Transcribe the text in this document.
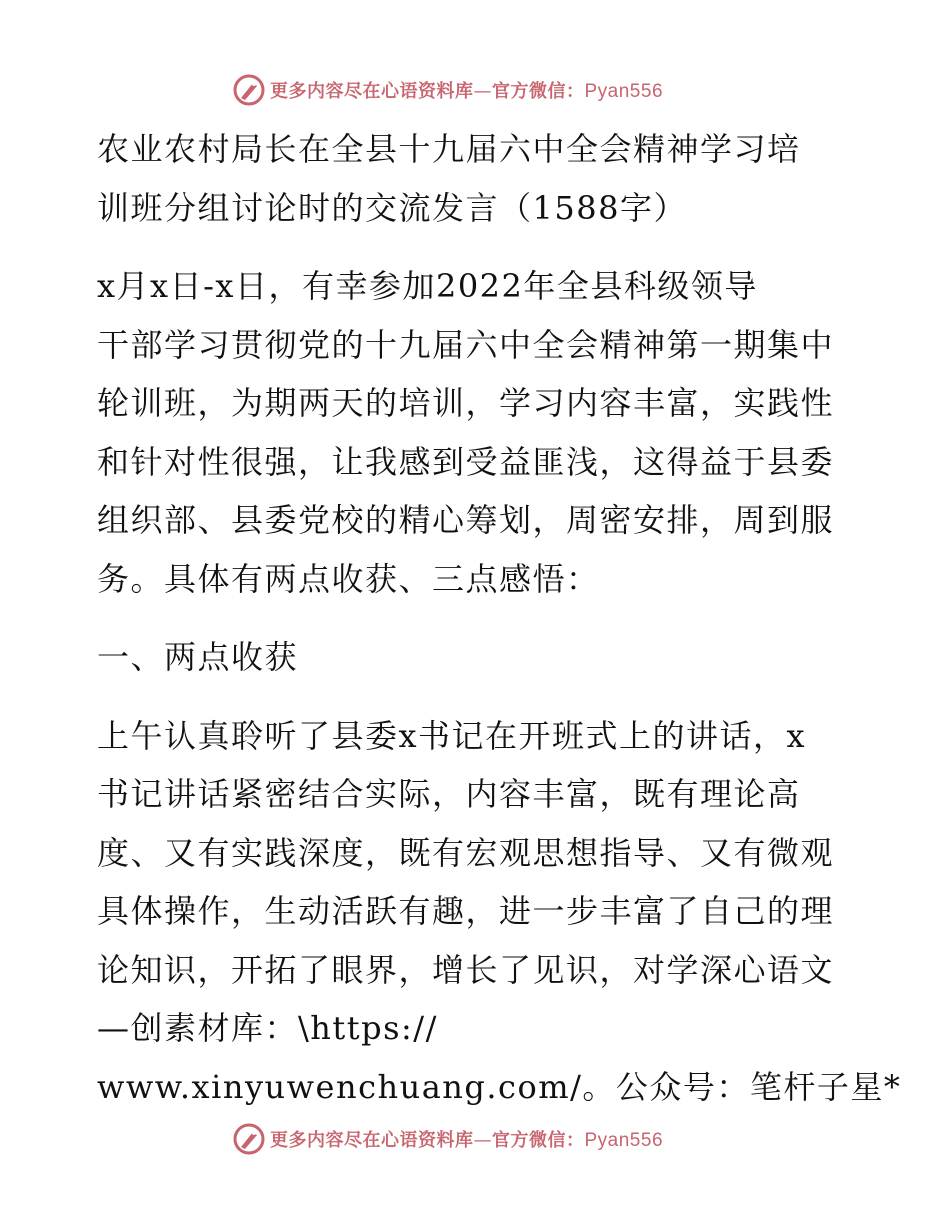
更多内容尽在心语资料库—官方微信：Pyan556
农业农村局长在全县十九届六中全会精神学习培
训班分组讨论时的交流发言（1588字）
x月x日-x日，有幸参加2022年全县科级领导
干部学习贯彻党的十九届六中全会精神第一期集中
轮训班，为期两天的培训，学习内容丰富，实践性
和针对性很强，让我感到受益匪浅，这得益于县委
组织部、县委党校的精心筹划，周密安排，周到服
务。具体有两点收获、三点感悟：
一、两点收获
上午认真聆听了县委x书记在开班式上的讲话，x
书记讲话紧密结合实际，内容丰富，既有理论高
度、又有实践深度，既有宏观思想指导、又有微观
具体操作，生动活跃有趣，进一步丰富了自己的理
论知识，开拓了眼界，增长了见识，对学深心语文
—创素材库：\https://
www.xinyuwenchuang.com/。公众号：笔杆子星*
更多内容尽在心语资料库—官方微信：Pyan556
